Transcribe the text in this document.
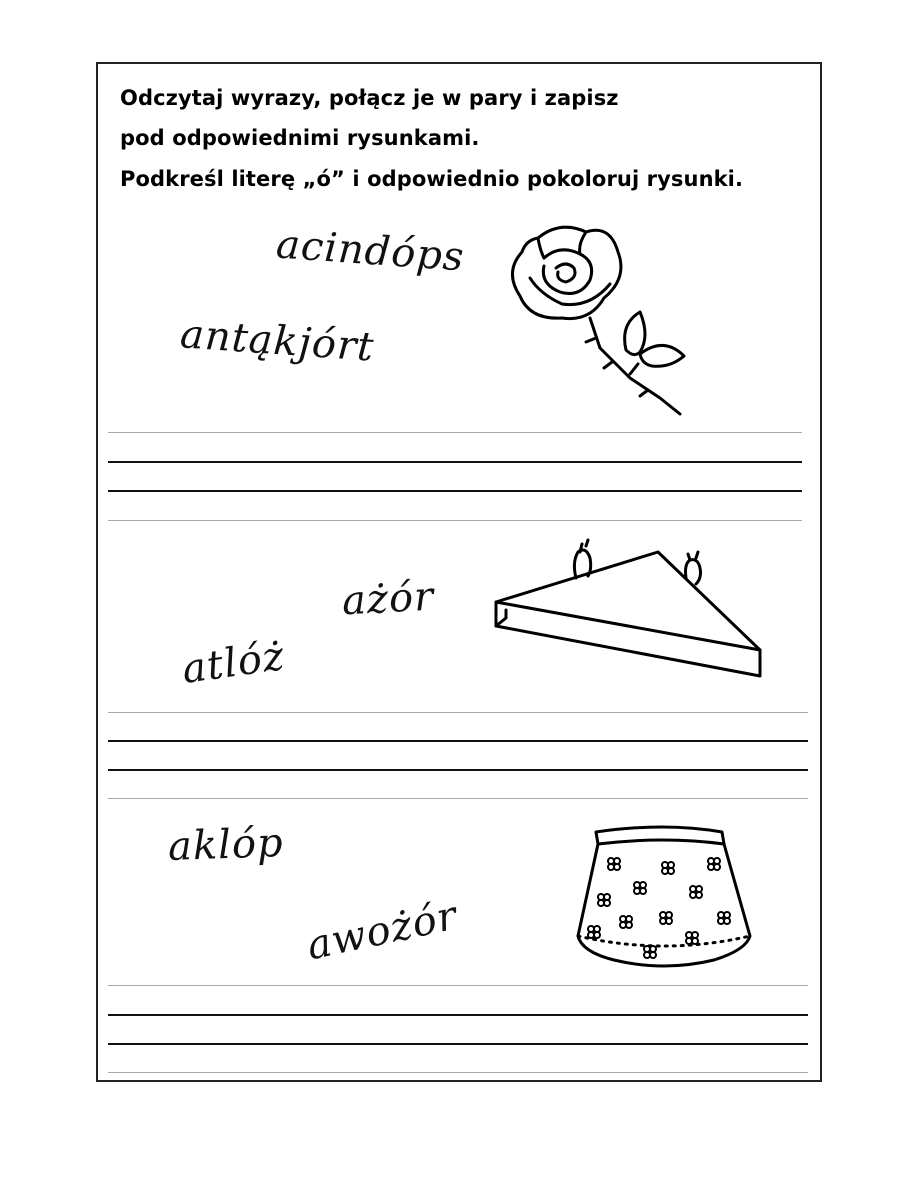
Odczytaj wyrazy, połącz je w pary i zapisz
pod odpowiednimi rysunkami.
Podkreśl literę „ó” i odpowiednio pokoloruj rysunki.
acindóps
antąkjórt
ażór
atlóż
aklóp
awożór
